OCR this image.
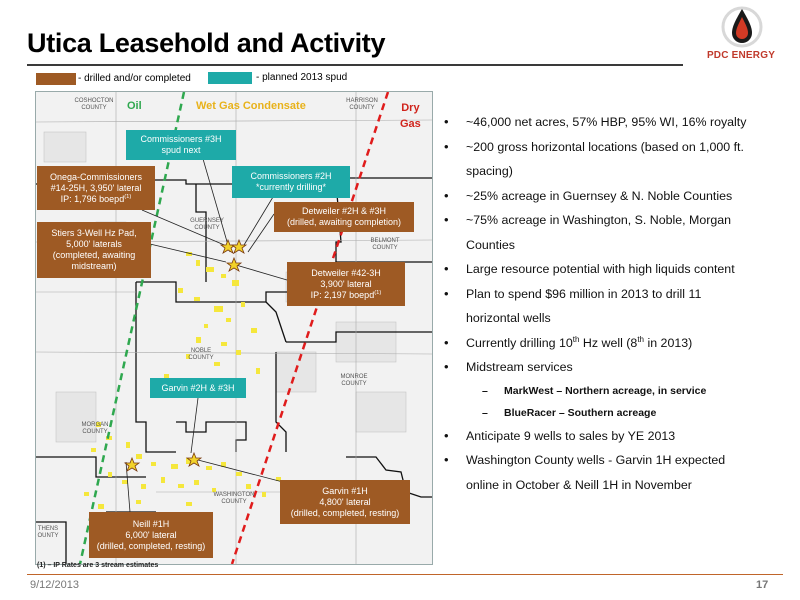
Utica Leasehold and Activity	PDC ENERGY
- drilled and/or completed	- planned 2013 spud
COSHOCTON
COUNTY
HARRISON
COUNTY
GUERNSEY
COUNTY
BELMONT
COUNTY
NOBLE
COUNTY
MONROE
COUNTY
MORGAN
COUNTY
WASHINGTON
COUNTY
THENS
OUNTY
Oil	Wet Gas Condensate	Dry
Gas
Commissioners #3H
spud next
Onega-Commissioners
#14-25H, 3,950' lateral
IP: 1,796 boepd$^{(1)}$
Commissioners #2H
*currently drilling*
Detweiler #2H & #3H
(drilled, awaiting completion)
Stiers 3-Well Hz Pad,
5,000' laterals
(completed, awaiting
midstream)
Detweiler #42-3H
3,900' lateral
IP: 2,197 boepd$^{(1)}$
Garvin #2H & #3H
Garvin #1H
4,800' lateral
(drilled, completed, resting)
Neill #1H
6,000' lateral
(drilled, completed, resting)
• ~46,000 net acres, 57% HBP, 95% WI, 16% royalty
• ~200 gross horizontal locations (based on 1,000 ft.
spacing)
• ~25% acreage in Guernsey & N. Noble Counties
• ~75% acreage in Washington, S. Noble, Morgan
Counties
• Large resource potential with high liquids content
• Plan to spend $96 million in 2013 to drill 11
horizontal wells
• Currently drilling 10th Hz well (8th in 2013)
• Midstream services
– MarkWest – Northern acreage, in service
– BlueRacer – Southern acreage
• Anticipate 9 wells to sales by YE 2013
• Washington County wells - Garvin 1H expected
online in October & Neill 1H in November
(1) – IP Rates are 3 stream estimates
9/12/2013	17
